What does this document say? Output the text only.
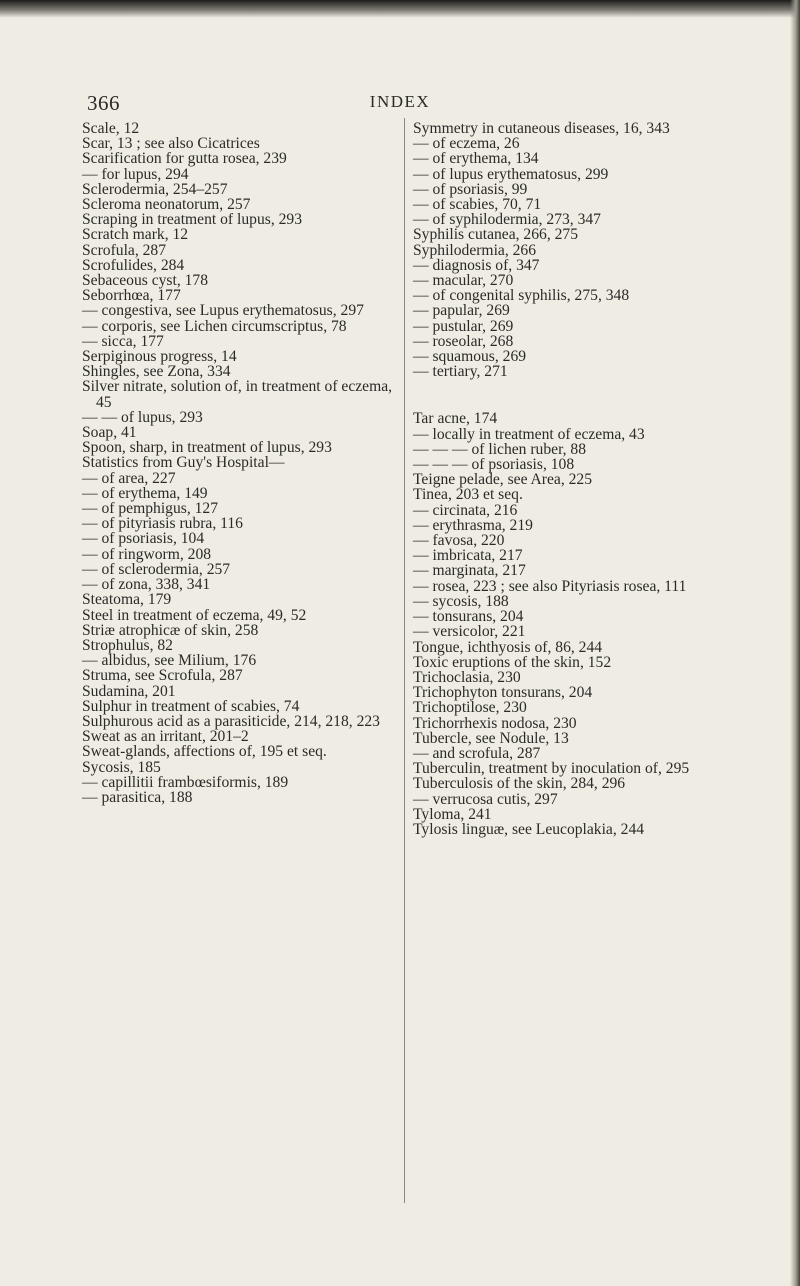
366	INDEX

Scale, 12

Scar, 13 ; see also Cicatrices

Scarification for gutta rosea, 239

— for lupus, 294

Sclerodermia, 254–257

Scleroma neonatorum, 257

Scraping in treatment of lupus, 293

Scratch mark, 12

Scrofula, 287

Scrofulides, 284

Sebaceous cyst, 178

Seborrhœa, 177

— congestiva, see Lupus erythematosus, 297

— corporis, see Lichen circumscriptus, 78

— sicca, 177

Serpiginous progress, 14

Shingles, see Zona, 334

Silver nitrate, solution of, in treatment of eczema, 45

— — of lupus, 293

Soap, 41

Spoon, sharp, in treatment of lupus, 293

Statistics from Guy's Hospital—

— of area, 227

— of erythema, 149

— of pemphigus, 127

— of pityriasis rubra, 116

— of psoriasis, 104

— of ringworm, 208

— of sclerodermia, 257

— of zona, 338, 341

Steatoma, 179

Steel in treatment of eczema, 49, 52

Striæ atrophicæ of skin, 258

Strophulus, 82

— albidus, see Milium, 176

Struma, see Scrofula, 287

Sudamina, 201

Sulphur in treatment of scabies, 74

Sulphurous acid as a parasiticide, 214, 218, 223

Sweat as an irritant, 201–2

Sweat-glands, affections of, 195 et seq.

Sycosis, 185

— capillitii frambœsiformis, 189

— parasitica, 188

Symmetry in cutaneous diseases, 16, 343

— of eczema, 26

— of erythema, 134

— of lupus erythematosus, 299

— of psoriasis, 99

— of scabies, 70, 71

— of syphilodermia, 273, 347

Syphilis cutanea, 266, 275

Syphilodermia, 266

— diagnosis of, 347

— macular, 270

— of congenital syphilis, 275, 348

— papular, 269

— pustular, 269

— roseolar, 268

— squamous, 269

— tertiary, 271

Tar acne, 174

— locally in treatment of eczema, 43

— — — of lichen ruber, 88

— — — of psoriasis, 108

Teigne pelade, see Area, 225

Tinea, 203 et seq.

— circinata, 216

— erythrasma, 219

— favosa, 220

— imbricata, 217

— marginata, 217

— rosea, 223 ; see also Pityriasis rosea, 111

— sycosis, 188

— tonsurans, 204

— versicolor, 221

Tongue, ichthyosis of, 86, 244

Toxic eruptions of the skin, 152

Trichoclasia, 230

Trichophyton tonsurans, 204

Trichoptilose, 230

Trichorrhexis nodosa, 230

Tubercle, see Nodule, 13

— and scrofula, 287

Tuberculin, treatment by inoculation of, 295

Tuberculosis of the skin, 284, 296

— verrucosa cutis, 297

Tyloma, 241

Tylosis linguæ, see Leucoplakia, 244
